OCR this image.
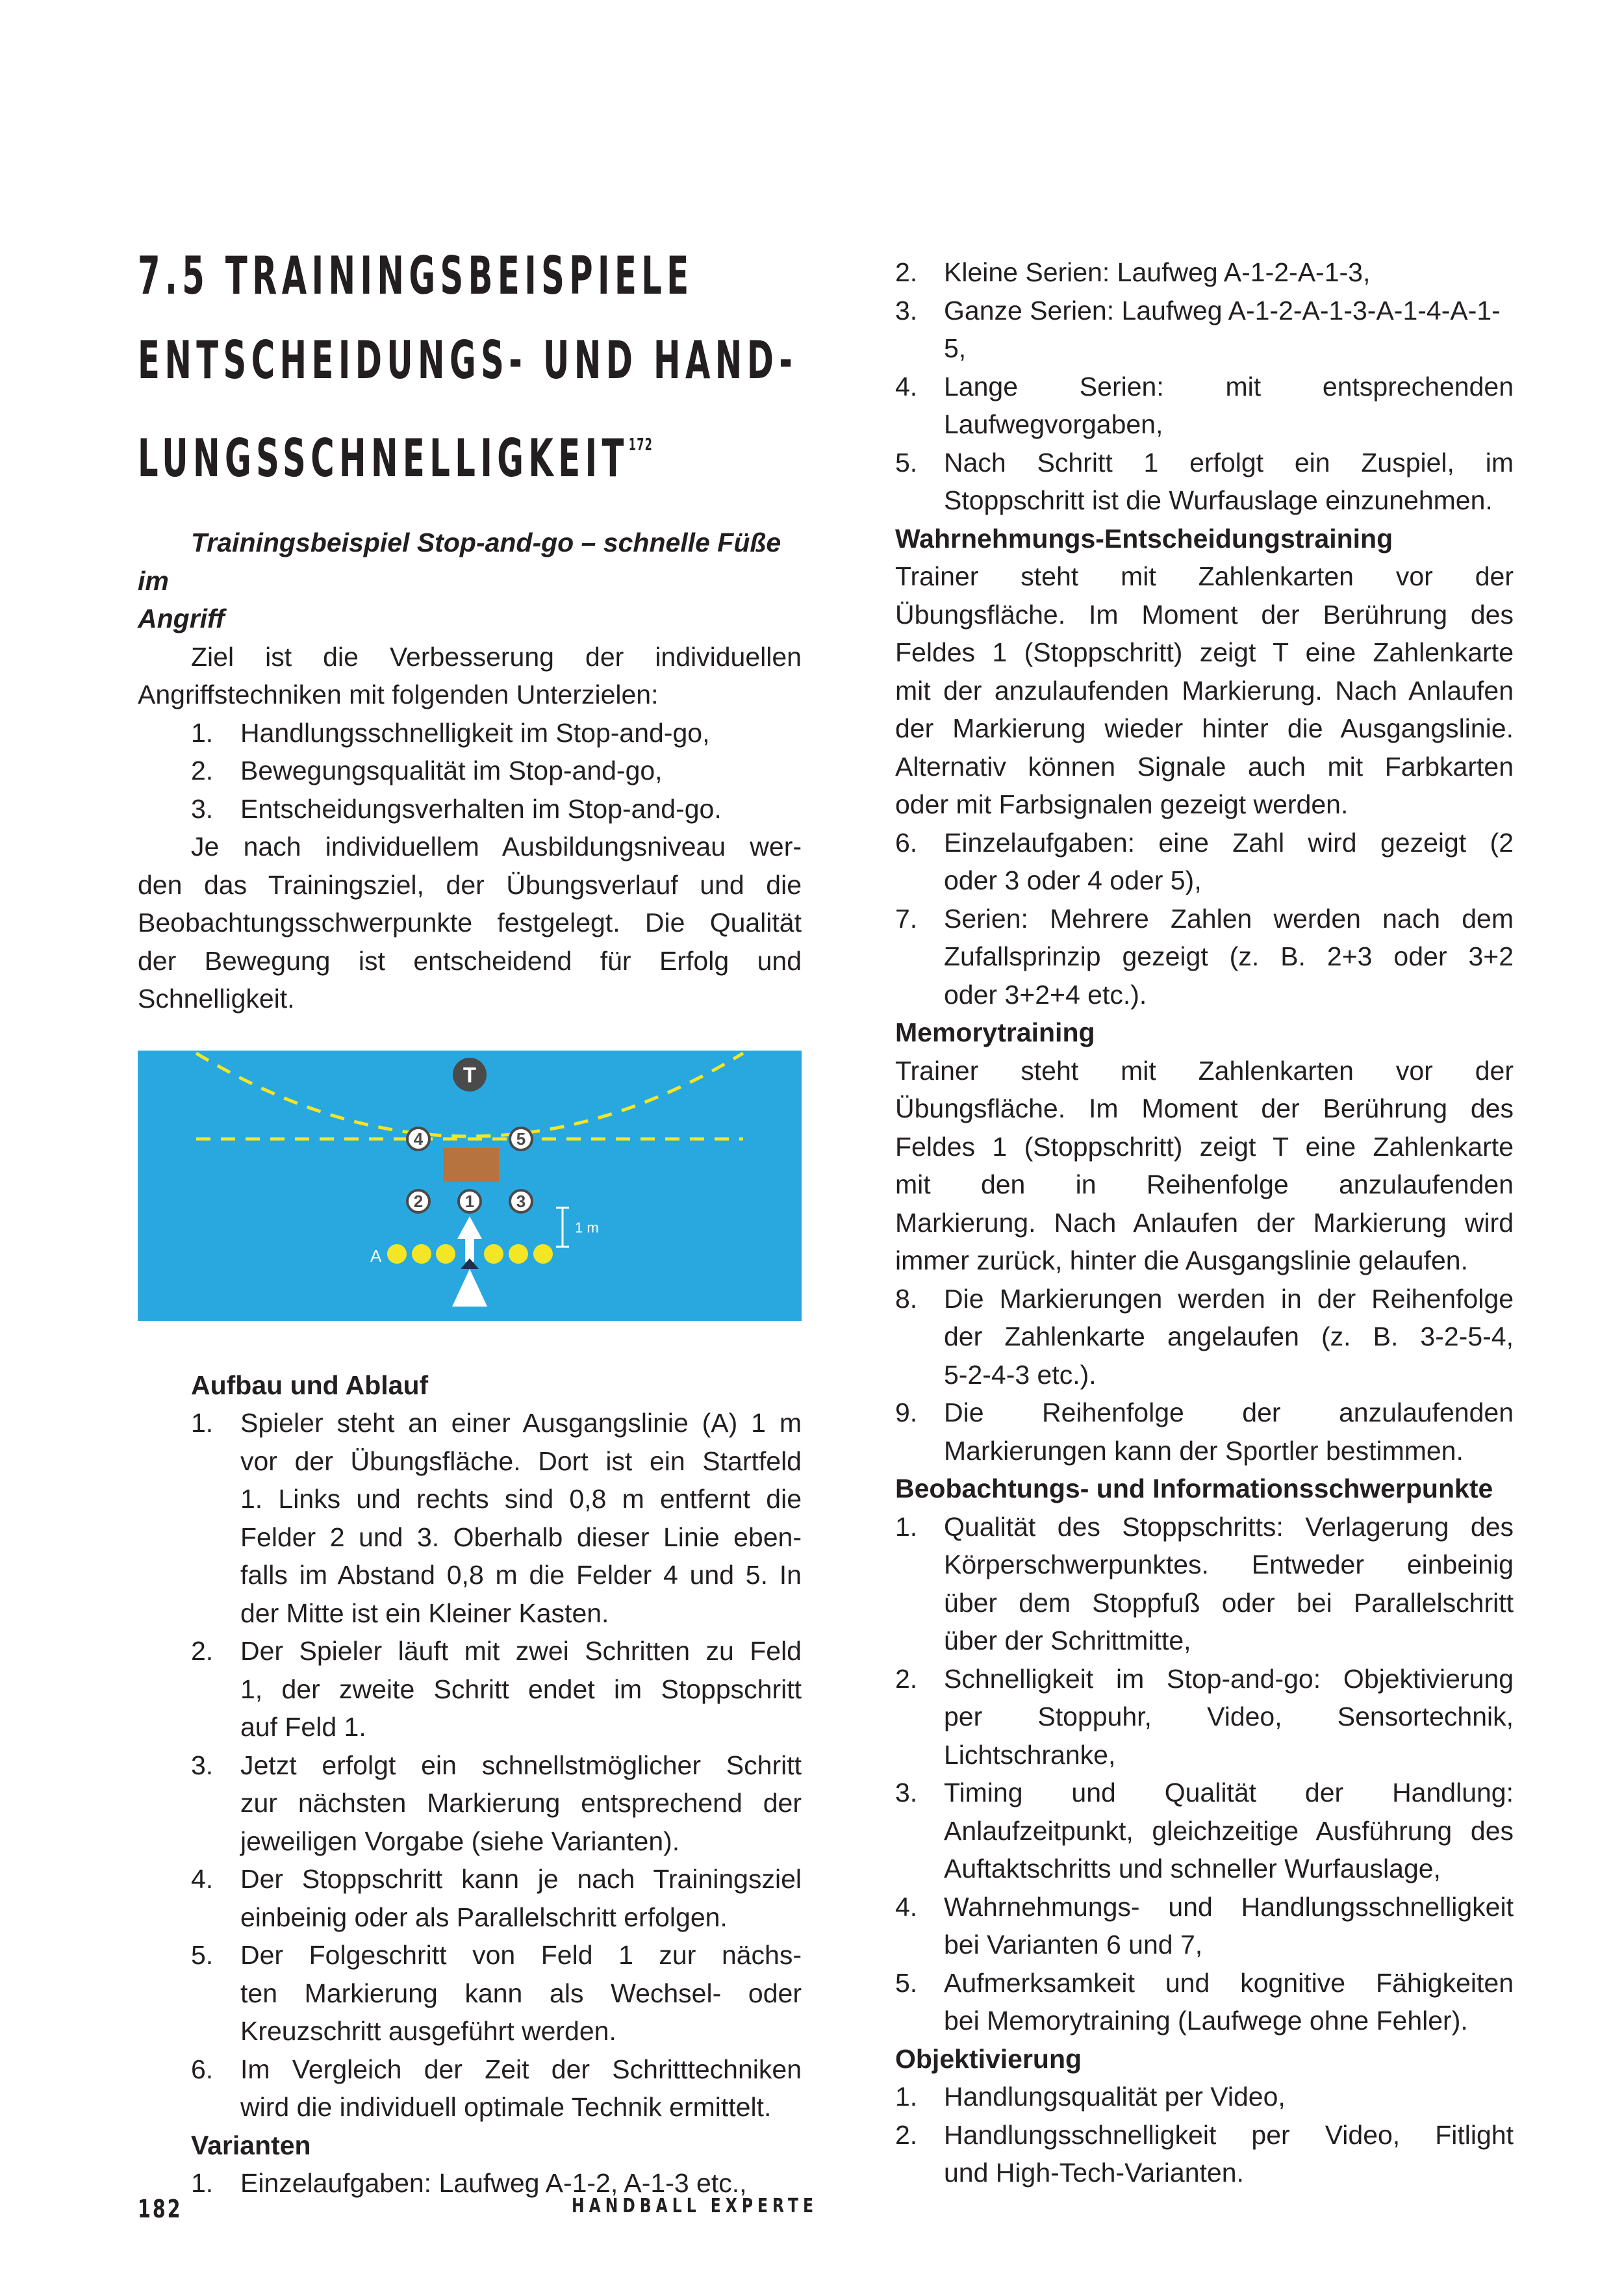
7.5 TRAININGSBEISPIELE
ENTSCHEIDUNGS- UND HAND-
LUNGSSCHNELLIGKEIT$^{172}$

Trainingsbeispiel Stop-and-go – schnelle Füße im
Angriff

Ziel ist die Verbesserung der individuellen

Angriffstechniken mit folgenden Unterzielen:

1. Handlungsschnelligkeit im Stop-and-go,
2. Bewegungsqualität im Stop-and-go,
3. Entscheidungsverhalten im Stop-and-go.

Je nach individuellem Ausbildungsniveau wer-

den das Trainingsziel, der Übungsverlauf und die

Beobachtungsschwerpunkte festgelegt. Die Qualität

der Bewegung ist entscheidend für Erfolg und

Schnelligkeit.

T
1
2	3
4	5
A
1 m

Aufbau und Ablauf

1. Spieler steht an einer Ausgangslinie (A) 1 m
vor der Übungsfläche. Dort ist ein Startfeld
1. Links und rechts sind 0,8 m entfernt die
Felder 2 und 3. Oberhalb dieser Linie eben-
falls im Abstand 0,8 m die Felder 4 und 5. In
der Mitte ist ein Kleiner Kasten.
2. Der Spieler läuft mit zwei Schritten zu Feld
1, der zweite Schritt endet im Stoppschritt
auf Feld 1.
3. Jetzt erfolgt ein schnellstmöglicher Schritt
zur nächsten Markierung entsprechend der
jeweiligen Vorgabe (siehe Varianten).
4. Der Stoppschritt kann je nach Trainingsziel
einbeinig oder als Parallelschritt erfolgen.
5. Der Folgeschritt von Feld 1 zur nächs-
ten Markierung kann als Wechsel- oder
Kreuzschritt ausgeführt werden.
6. Im Vergleich der Zeit der Schritttechniken
wird die individuell optimale Technik ermittelt.

Varianten

1. Einzelaufgaben: Laufweg A-1-2, A-1-3 etc.,
2. Kleine Serien: Laufweg A-1-2-A-1-3,
3. Ganze Serien: Laufweg A-1-2-A-1-3-A-1-4-A-1-5,
4. Lange Serien: mit entsprechenden
Laufwegvorgaben,
5. Nach Schritt 1 erfolgt ein Zuspiel, im
Stoppschritt ist die Wurfauslage einzunehmen.

Wahrnehmungs-Entscheidungstraining

Trainer steht mit Zahlenkarten vor der

Übungsfläche. Im Moment der Berührung des

Feldes 1 (Stoppschritt) zeigt T eine Zahlenkarte

mit der anzulaufenden Markierung. Nach Anlaufen

der Markierung wieder hinter die Ausgangslinie.

Alternativ können Signale auch mit Farbkarten

oder mit Farbsignalen gezeigt werden.

6. Einzelaufgaben: eine Zahl wird gezeigt (2
oder 3 oder 4 oder 5),
7. Serien: Mehrere Zahlen werden nach dem
Zufallsprinzip gezeigt (z. B. 2+3 oder 3+2
oder 3+2+4 etc.).

Memorytraining

Trainer steht mit Zahlenkarten vor der

Übungsfläche. Im Moment der Berührung des

Feldes 1 (Stoppschritt) zeigt T eine Zahlenkarte

mit den in Reihenfolge anzulaufenden

Markierung. Nach Anlaufen der Markierung wird

immer zurück, hinter die Ausgangslinie gelaufen.

8. Die Markierungen werden in der Reihenfolge
der Zahlenkarte angelaufen (z. B. 3-2-5-4,
5-2-4-3 etc.).
9. Die Reihenfolge der anzulaufenden
Markierungen kann der Sportler bestimmen.

Beobachtungs- und Informationsschwerpunkte

1. Qualität des Stoppschritts: Verlagerung des
Körperschwerpunktes. Entweder einbeinig
über dem Stoppfuß oder bei Parallelschritt
über der Schrittmitte,
2. Schnelligkeit im Stop-and-go: Objektivierung
per Stoppuhr, Video, Sensortechnik,
Lichtschranke,
3. Timing und Qualität der Handlung:
Anlaufzeitpunkt, gleichzeitige Ausführung des
Auftaktschritts und schneller Wurfauslage,
4. Wahrnehmungs- und Handlungsschnelligkeit
bei Varianten 6 und 7,
5. Aufmerksamkeit und kognitive Fähigkeiten
bei Memorytraining (Laufwege ohne Fehler).

Objektivierung

1. Handlungsqualität per Video,
2. Handlungsschnelligkeit per Video, Fitlight
und High-Tech-Varianten.
182	HANDBALL EXPERTE
